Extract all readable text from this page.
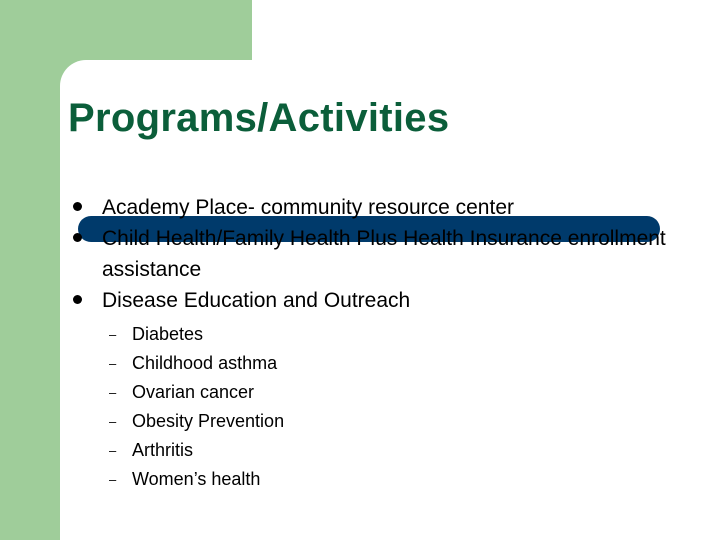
Programs/Activities
Academy Place- community resource center
Child Health/Family Health Plus Health Insurance enrollment assistance
Disease Education and Outreach
– Diabetes
– Childhood asthma
– Ovarian cancer
– Obesity Prevention
– Arthritis
– Women’s health
